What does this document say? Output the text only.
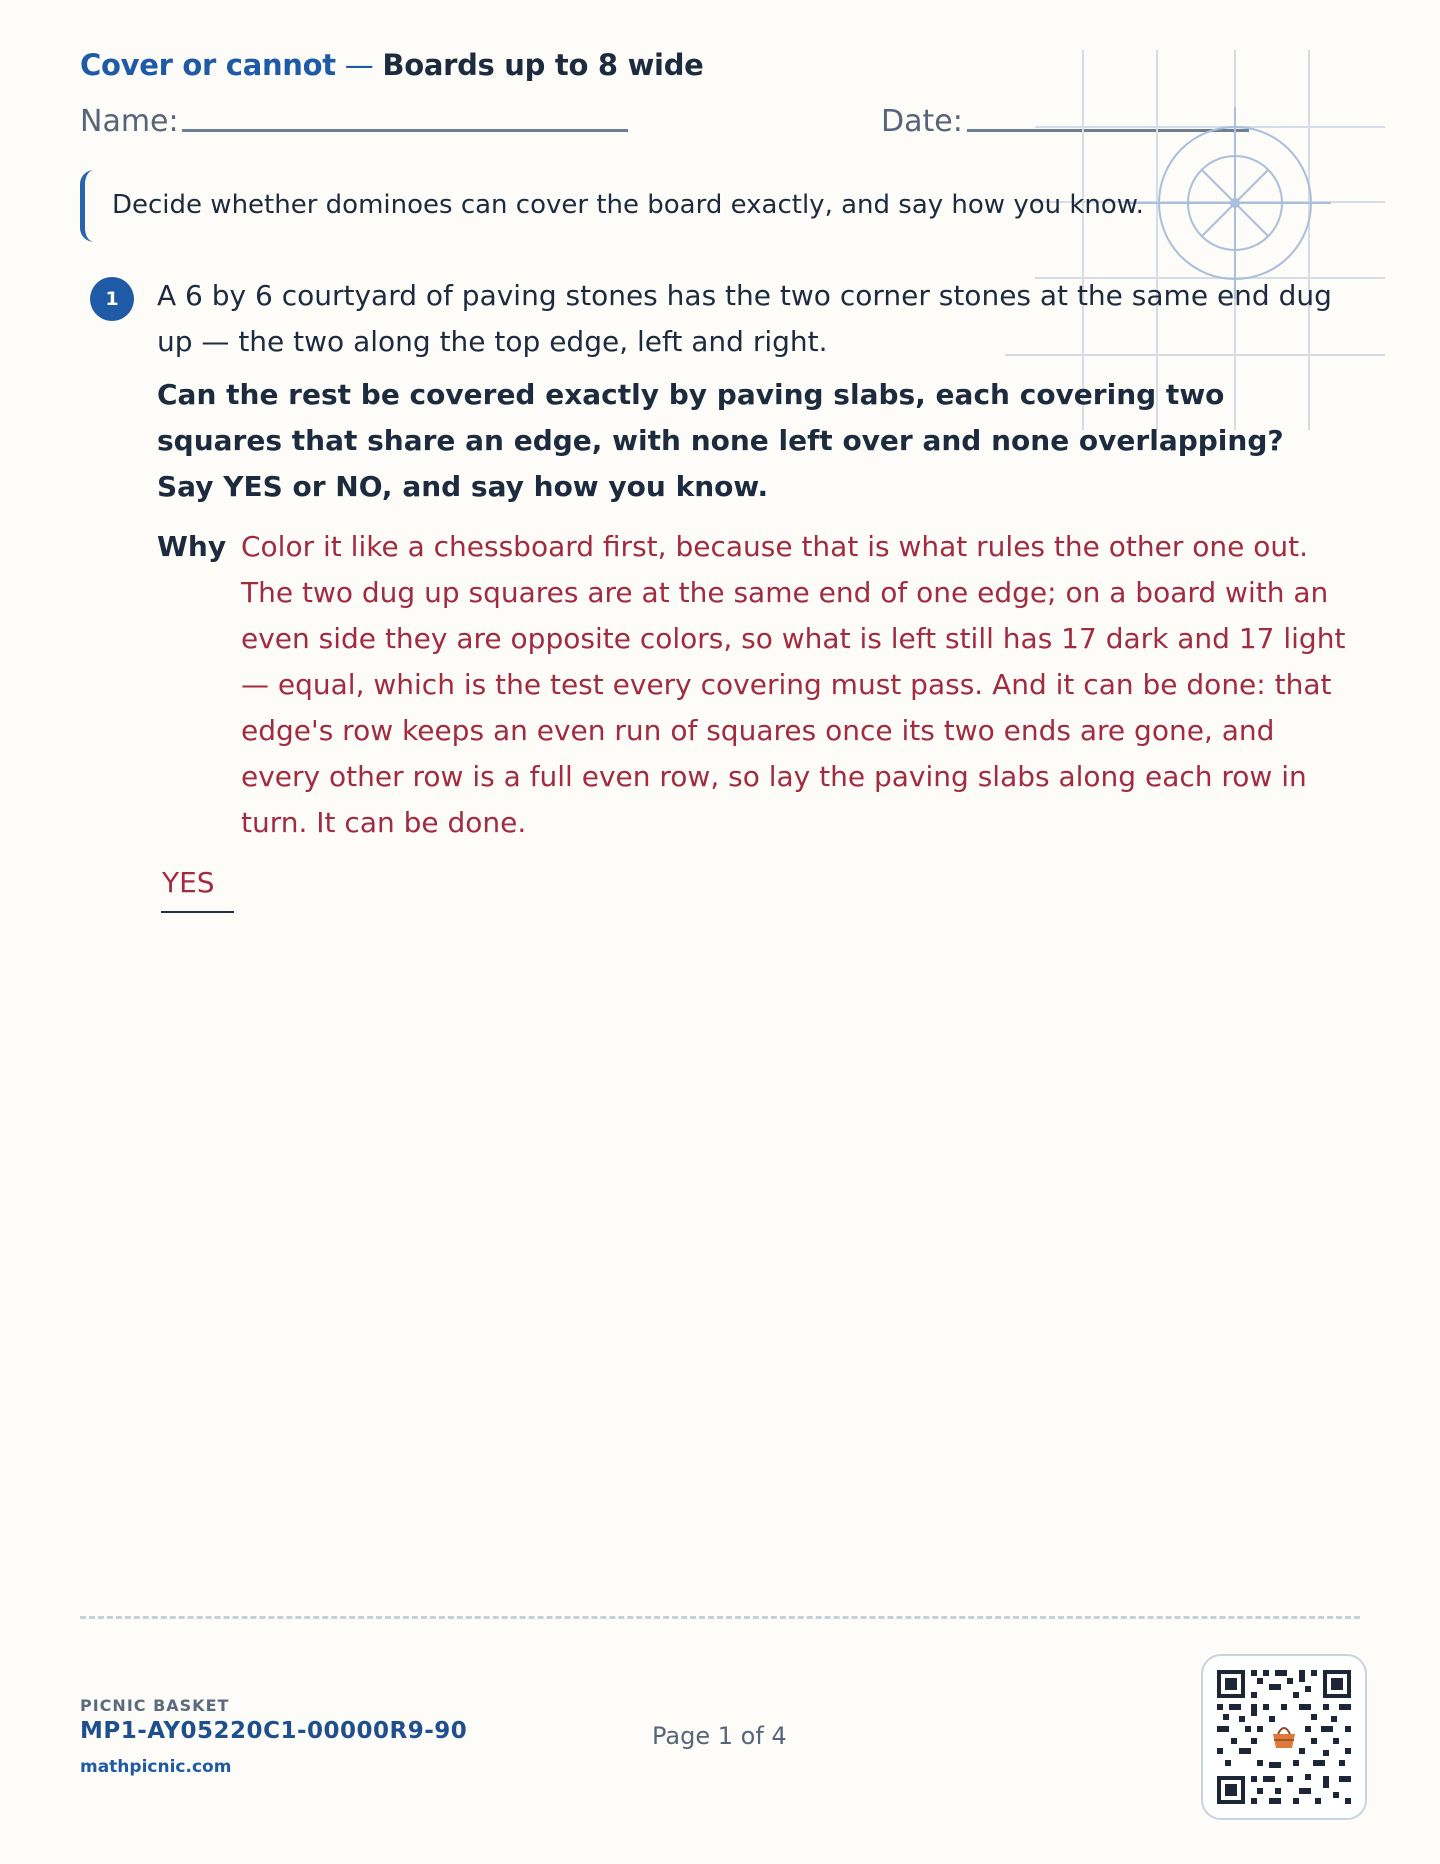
Cover or cannot — Boards up to 8 wide
Name:	Date:
Decide whether dominoes can cover the board exactly, and say how you know.
1	A 6 by 6 courtyard of paving stones has the two corner stones at the same end dug up — the two along the top edge, left and right.
Can the rest be covered exactly by paving slabs, each covering two squares that share an edge, with none left over and none overlapping? Say YES or NO, and say how you know.
Why Color it like a chessboard first, because that is what rules the other one out. The two dug up squares are at the same end of one edge; on a board with an even side they are opposite colors, so what is left still has 17 dark and 17 light — equal, which is the test every covering must pass. And it can be done: that edge's row keeps an even run of squares once its two ends are gone, and every other row is a full even row, so lay the paving slabs along each row in turn. It can be done.
YES
PICNIC BASKET
MP1-AY05220C1-00000R9-90
mathpicnic.com
Page 1 of 4
